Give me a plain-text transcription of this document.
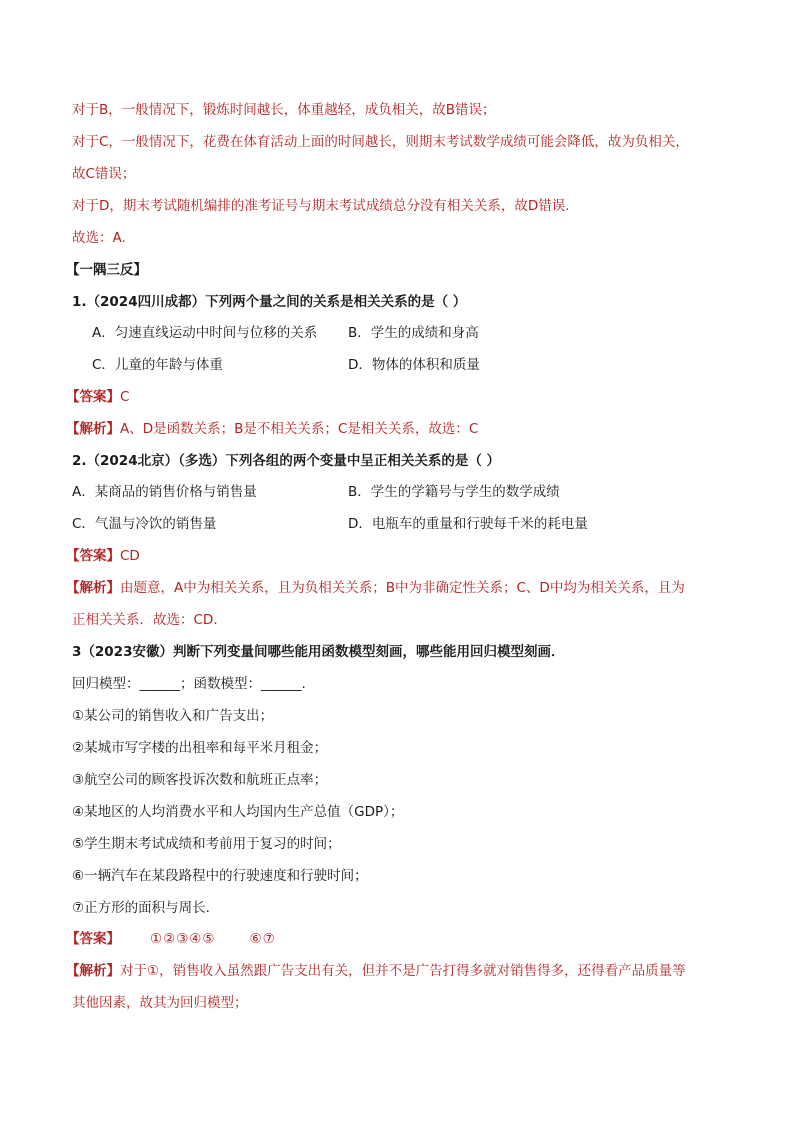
对于B，一般情况下，锻炼时间越长，体重越轻，成负相关，故B错误；
对于C，一般情况下，花费在体育活动上面的时间越长，则期末考试数学成绩可能会降低，故为负相关，
故C错误；
对于D，期末考试随机编排的准考证号与期末考试成绩总分没有相关关系，故D错误.
故选：A.
【一隅三反】
1.（2024四川成都）下列两个量之间的关系是相关关系的是（ ）
A．匀速直线运动中时间与位移的关系 B．学生的成绩和身高
C．儿童的年龄与体重	D．物体的体积和质量
【答案】C
【解析】A、D是函数关系；B是不相关关系；C是相关关系，故选：C
2.（2024北京）（多选）下列各组的两个变量中呈正相关关系的是（ ）
A．某商品的销售价格与销售量	B．学生的学籍号与学生的数学成绩
C．气温与冷饮的销售量	D．电瓶车的重量和行驶每千米的耗电量
【答案】CD
【解析】由题意，A中为相关关系，且为负相关关系；B中为非确定性关系；C、D中均为相关关系，且为
正相关关系．故选：CD.
3（2023安徽）判断下列变量间哪些能用函数模型刻画，哪些能用回归模型刻画．
回归模型：______；函数模型：______.
①某公司的销售收入和广告支出；
②某城市写字楼的出租率和每平米月租金；
③航空公司的顾客投诉次数和航班正点率；
④某地区的人均消费水平和人均国内生产总值（GDP）；
⑤学生期末考试成绩和考前用于复习的时间；
⑥一辆汽车在某段路程中的行驶速度和行驶时间；
⑦正方形的面积与周长．
【答案】 ①②③④⑤	⑥⑦
【解析】对于①，销售收入虽然跟广告支出有关，但并不是广告打得多就对销售得多，还得看产品质量等
其他因素，故其为回归模型；
